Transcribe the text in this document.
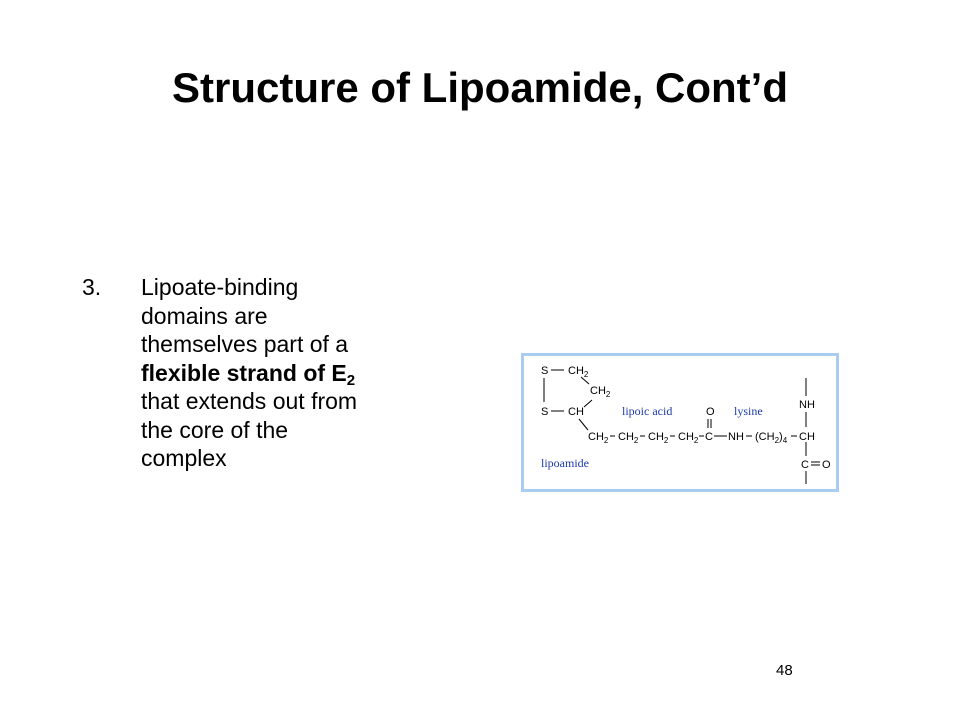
Structure of Lipoamide, Cont’d
3. Lipoate-binding
domains are
themselves part of a
flexible strand of $E_2$
that extends out from
the core of the
complex
S $CH_2$
$CH_2$
S CH	lipoic acid	lysine
lipoamide
O
$CH_2$ $CH_2$ $CH_2$ $CH_2$ C NH $(CH_2)_4$ CH
NH
C O
48
